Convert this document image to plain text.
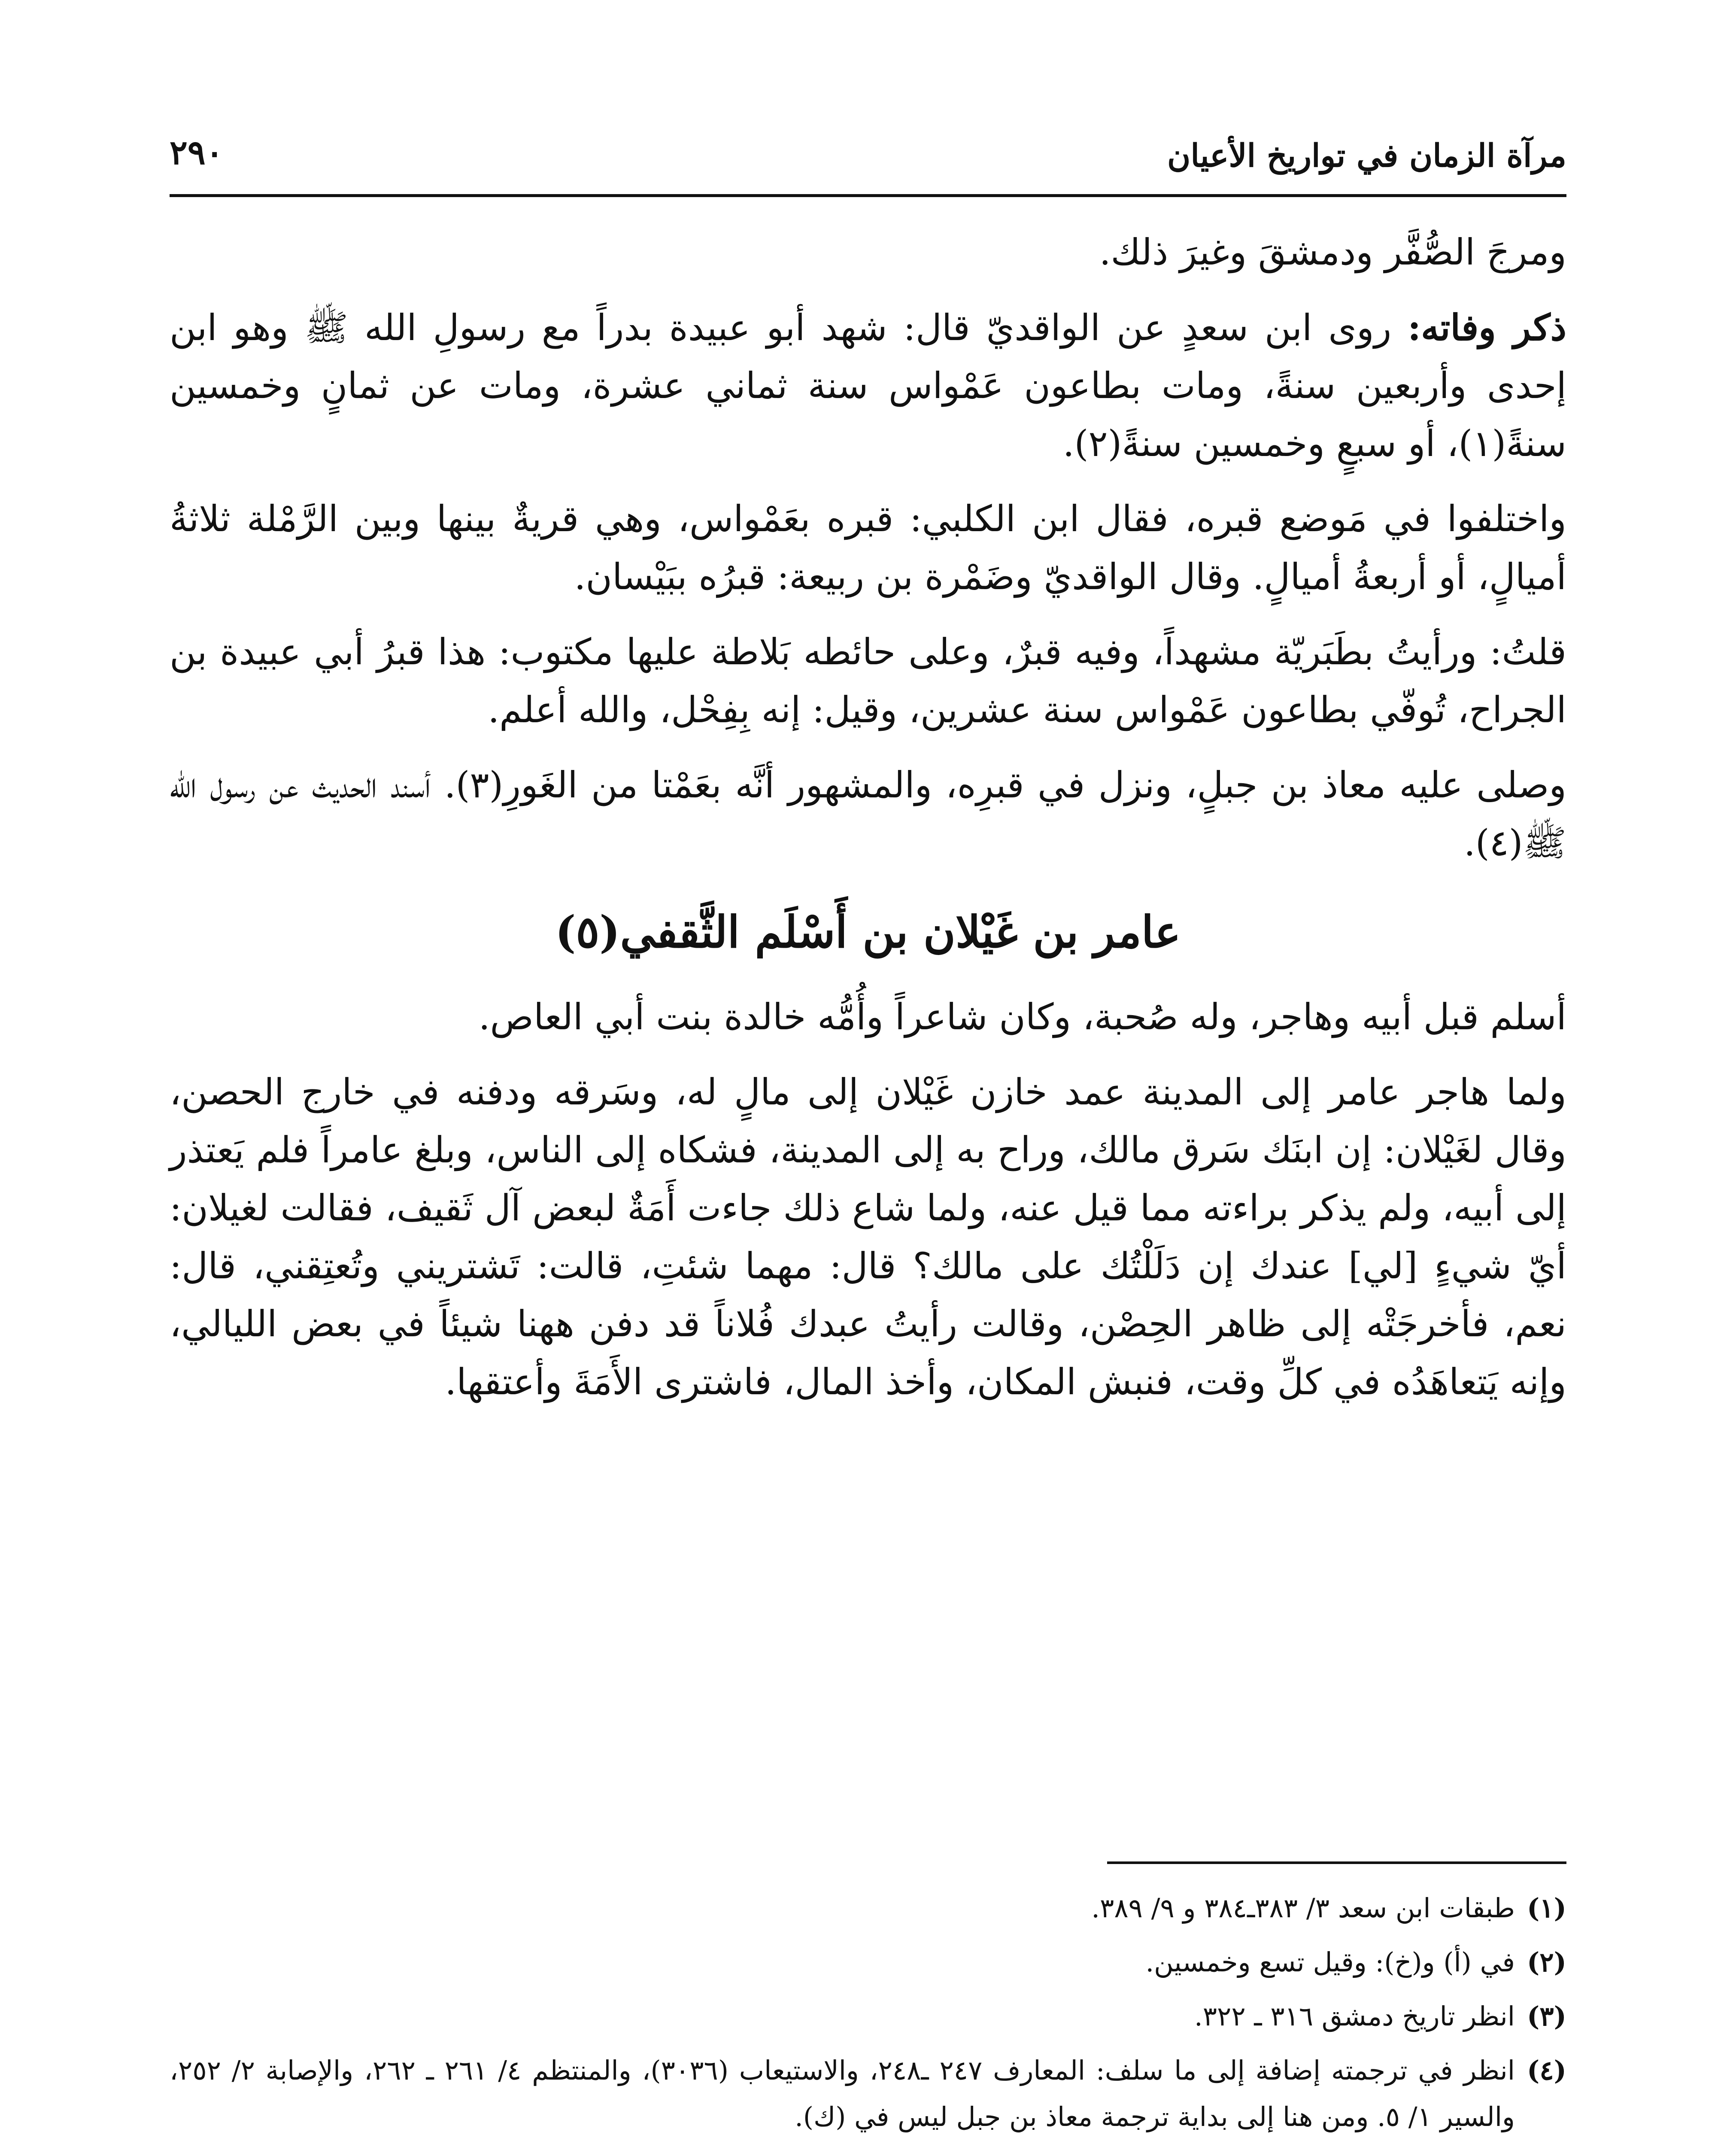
مرآة الزمان في تواريخ الأعيان
٢٩٠

ومرجَ الصُّفَّر ودمشقَ وغيرَ ذلك.

ذكر وفاته: روى ابن سعدٍ عن الواقديّ قال: شهد أبو عبيدة بدراً مع رسولِ الله ﷺ وهو ابن إحدى وأربعين سنةً، ومات بطاعون عَمْواس سنة ثماني عشرة، ومات عن ثمانٍ وخمسين سنةً(١)، أو سبعٍ وخمسين سنةً(٢).

واختلفوا في مَوضع قبره، فقال ابن الكلبي: قبره بعَمْواس، وهي قريةٌ بينها وبين الرَّمْلة ثلاثةُ أميالٍ، أو أربعةُ أميالٍ. وقال الواقديّ وضَمْرة بن ربيعة: قبرُه ببَيْسان.

قلتُ: ورأيتُ بطَبَريّة مشهداً، وفيه قبرٌ، وعلى حائطه بَلاطة عليها مكتوب: هذا قبرُ أبي عبيدة بن الجراح، تُوفّي بطاعون عَمْواس سنة عشرين، وقيل: إنه بِفِحْل، والله أعلم.

وصلى عليه معاذ بن جبلٍ، ونزل في قبرِه، والمشهور أنَّه بعَمْتا من الغَورِ(٣). أسند الحديث عن رسول الله ﷺ(٤).

عامر بن غَيْلان بن أَسْلَم الثَّقفي(٥)

أسلم قبل أبيه وهاجر، وله صُحبة، وكان شاعراً وأُمُّه خالدة بنت أبي العاص.

ولما هاجر عامر إلى المدينة عمد خازن غَيْلان إلى مالٍ له، وسَرقه ودفنه في خارج الحصن، وقال لغَيْلان: إن ابنَك سَرق مالك، وراح به إلى المدينة، فشكاه إلى الناس، وبلغ عامراً فلم يَعتذر إلى أبيه، ولم يذكر براءته مما قيل عنه، ولما شاع ذلك جاءت أَمَةٌ لبعض آل ثَقيف، فقالت لغيلان: أيّ شيءٍ [لي] عندك إن دَلَلْتُك على مالك؟ قال: مهما شئتِ، قالت: تَشتريني وتُعتِقني، قال: نعم، فأخرجَتْه إلى ظاهر الحِصْن، وقالت رأيتُ عبدك فُلاناً قد دفن ههنا شيئاً في بعض الليالي، وإنه يَتعاهَدُه في كلِّ وقت، فنبش المكان، وأخذ المال، فاشترى الأَمَةَ وأعتقها.

(١)
طبقات ابن سعد ٣/ ٣٨٣ـ٣٨٤ و ٩/ ٣٨٩.
(٢)
في (أ) و(خ): وقيل تسع وخمسين.
(٣)
انظر تاريخ دمشق ٣١٦ ـ ٣٢٢.
(٤)
انظر في ترجمته إضافة إلى ما سلف: المعارف ٢٤٧ ـ٢٤٨، والاستيعاب (٣٠٣٦)، والمنتظم ٤/ ٢٦١ ـ ٢٦٢، والإصابة ٢/ ٢٥٢، والسير ١/ ٥. ومن هنا إلى بداية ترجمة معاذ بن جبل ليس في (ك).
